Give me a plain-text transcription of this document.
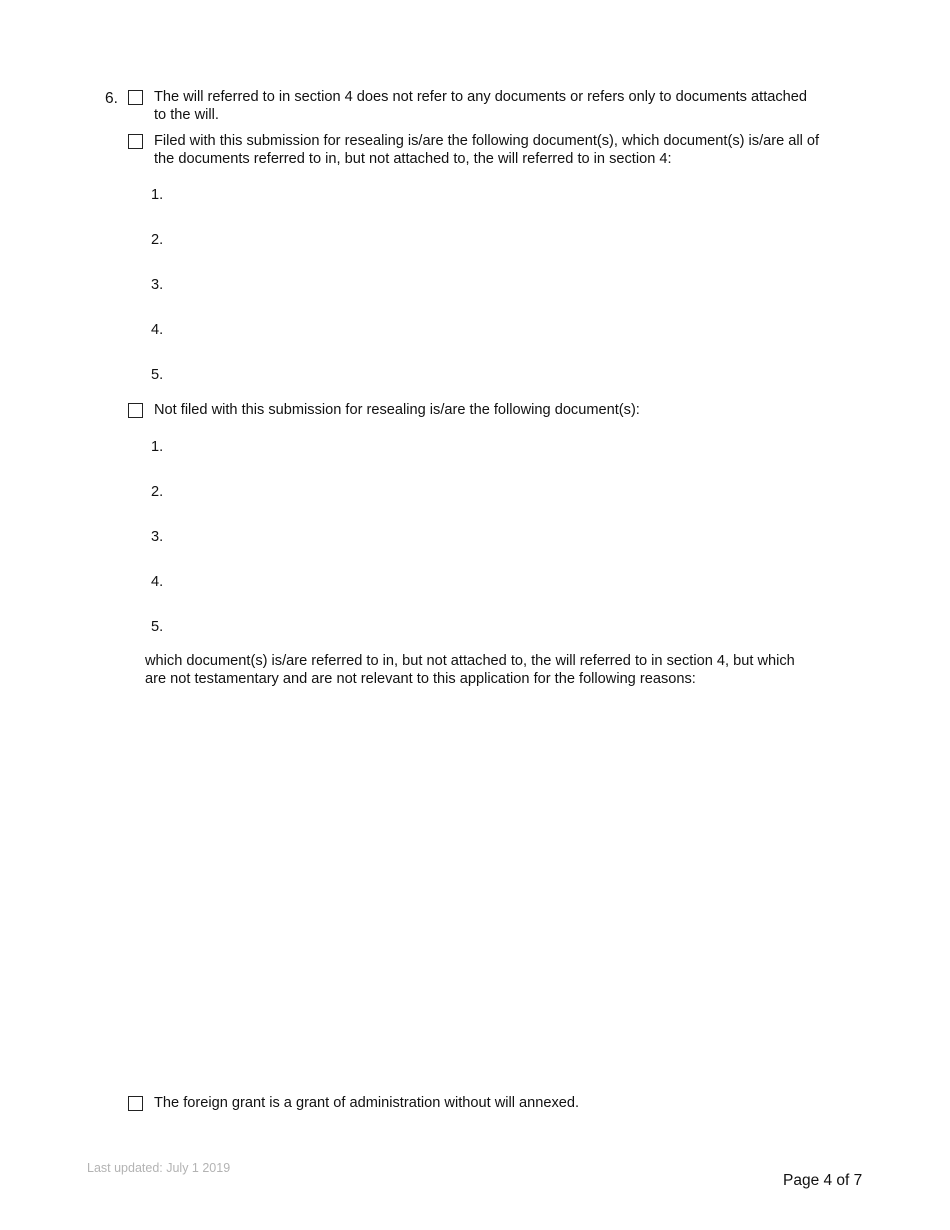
6. The will referred to in section 4 does not refer to any documents or refers only to documents attached
to the will.
Filed with this submission for resealing is/are the following document(s), which document(s) is/are all of
the documents referred to in, but not attached to, the will referred to in section 4:
1.
2.
3.
4.
5.
Not filed with this submission for resealing is/are the following document(s):
1.
2.
3.
4.
5.
which document(s) is/are referred to in, but not attached to, the will referred to in section 4, but which
are not testamentary and are not relevant to this application for the following reasons:
The foreign grant is a grant of administration without will annexed.
Last updated: July 1 2019
Page 4 of 7
